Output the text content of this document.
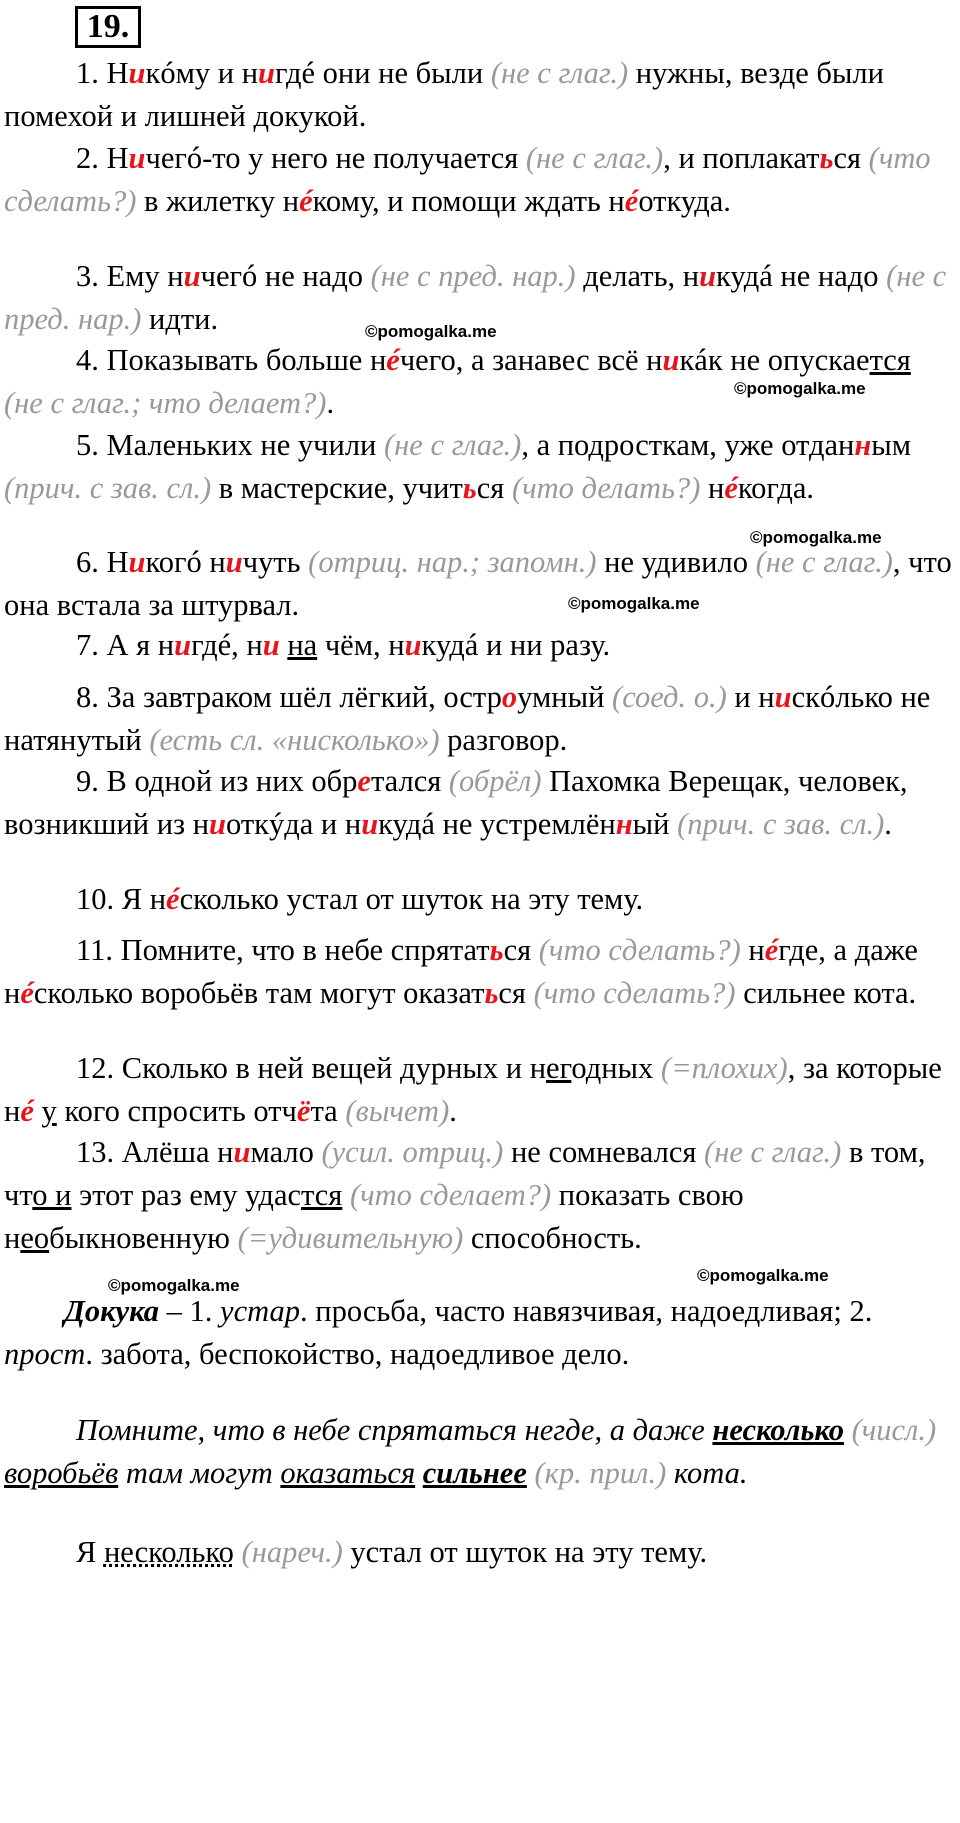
19.

1. Никóму и нигдé они не были (не с глаг.) нужны, везде были помехой и лишней докукой.

2. Ничегó-то у него не получается (не с глаг.), и поплакаться (что сделать?) в жилетку нéкому, и помощи ждать нéоткуда.

3. Ему ничегó не надо (не с пред. нар.) делать, никудá не надо (не с пред. нар.) идти.

4. Показывать больше нéчего, а занавес всё никáк не опускается (не с глаг.; что делает?).

5. Маленьких не учили (не с глаг.), а подросткам, уже отданным (прич. с зав. сл.) в мастерские, учиться (что делать?) нéкогда.

6. Никогó ничуть (отриц. нар.; запомн.) не удивило (не с глаг.), что она встала за штурвал.

7. А я нигдé, ни на чём, никудá и ни разу.

8. За завтраком шёл лёгкий, остроумный (соед. о.) и нискóлько не натянутый (есть сл. «нисколько») разговор.

9. В одной из них обретался (обрёл) Пахомка Верещак, человек, возникший из ниоткýда и никудá не устремлённый (прич. с зав. сл.).

10. Я нéсколько устал от шуток на эту тему.

11. Помните, что в небе спрятаться (что сделать?) нéгде, а даже нéсколько воробьёв там могут оказаться (что сделать?) сильнее кота.

12. Сколько в ней вещей дурных и негодных (=плохих), за которые нé у кого спросить отчёта (вычет).

13. Алёша нимало (усил. отриц.) не сомневался (не с глаг.) в том, что и этот раз ему удастся (что сделает?) показать свою необыкновенную (=удивительную) способность.

Докука – 1. устар. просьба, часто навязчивая, надоедливая; 2. прост. забота, беспокойство, надоедливое дело.

Помните, что в небе спрятаться негде, а даже несколько (числ.) воробьёв там могут оказаться сильнее (кр. прил.) кота.

Я несколько (нареч.) устал от шуток на эту тему.

©pomogalka.me
©pomogalka.me
©pomogalka.me
©pomogalka.me
©pomogalka.me
©pomogalka.me
